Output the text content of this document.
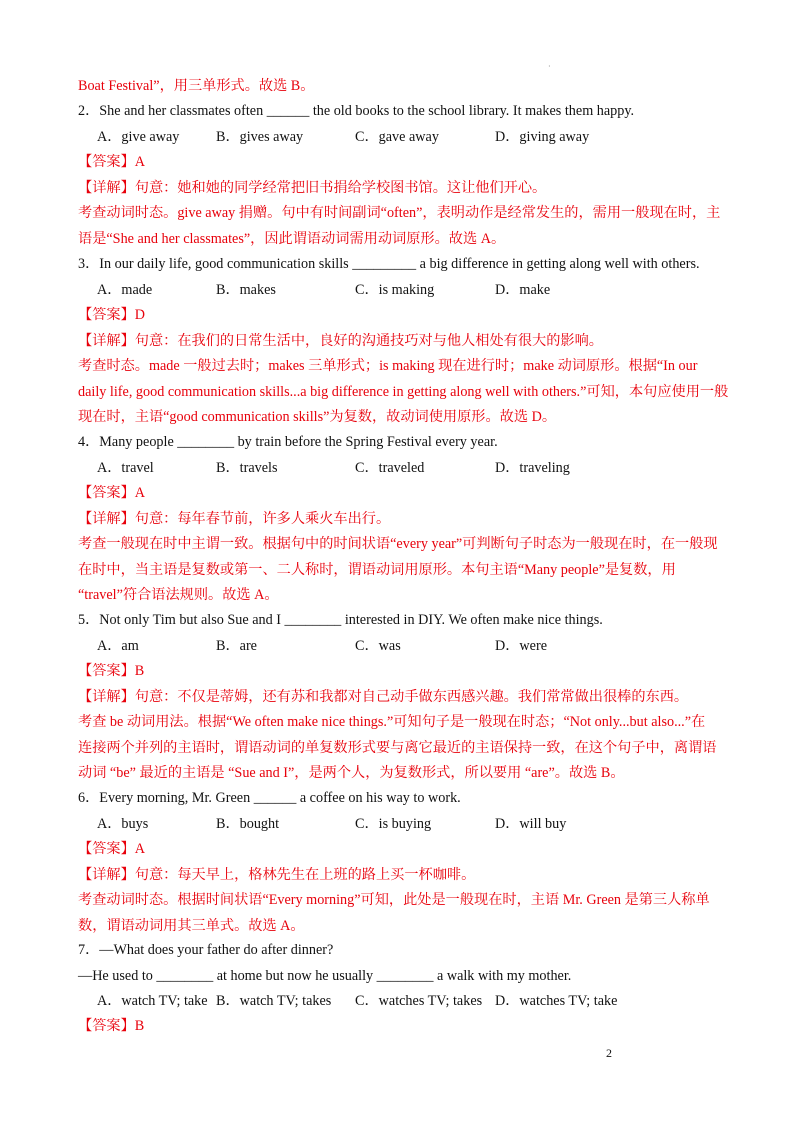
·
Boat Festival”，用三单形式。故选 B。
2．She and her classmates often ______ the old books to the school library. It makes them happy.
A．give away	B．gives away	C．gave away	D．giving away
【答案】A
【详解】句意：她和她的同学经常把旧书捐给学校图书馆。这让他们开心。
考查动词时态。give away 捐赠。句中有时间副词“often”，表明动作是经常发生的，需用一般现在时，主
语是“She and her classmates”，因此谓语动词需用动词原形。故选 A。
3．In our daily life, good communication skills _________ a big difference in getting along well with others.
A．made	B．makes	C．is making	D．make
【答案】D
【详解】句意：在我们的日常生活中，良好的沟通技巧对与他人相处有很大的影响。
考查时态。made 一般过去时；makes 三单形式；is making 现在进行时；make 动词原形。根据“In our
daily life, good communication skills...a big difference in getting along well with others.”可知，本句应使用一般
现在时，主语“good communication skills”为复数，故动词使用原形。故选 D。
4．Many people ________ by train before the Spring Festival every year.
A．travel	B．travels	C．traveled	D．traveling
【答案】A
【详解】句意：每年春节前，许多人乘火车出行。
考查一般现在时中主谓一致。根据句中的时间状语“every year”可判断句子时态为一般现在时，在一般现
在时中，当主语是复数或第一、二人称时，谓语动词用原形。本句主语“Many people”是复数，用
“travel”符合语法规则。故选 A。
5．Not only Tim but also Sue and I ________ interested in DIY. We often make nice things.
A．am	B．are	C．was	D．were
【答案】B
【详解】句意：不仅是蒂姆，还有苏和我都对自己动手做东西感兴趣。我们常常做出很棒的东西。
考查 be 动词用法。根据“We often make nice things.”可知句子是一般现在时态；“Not only...but also...”在
连接两个并列的主语时，谓语动词的单复数形式要与离它最近的主语保持一致，在这个句子中，离谓语
动词 “be” 最近的主语是 “Sue and I”，是两个人，为复数形式，所以要用 “are”。故选 B。
6．Every morning, Mr. Green ______ a coffee on his way to work.
A．buys	B．bought	C．is buying	D．will buy
【答案】A
【详解】句意：每天早上，格林先生在上班的路上买一杯咖啡。
考查动词时态。根据时间状语“Every morning”可知，此处是一般现在时，主语 Mr. Green 是第三人称单
数，谓语动词用其三单式。故选 A。
7．—What does your father do after dinner?
—He used to ________ at home but now he usually ________ a walk with my mother.
A．watch TV; take B．watch TV; takes C．watches TV; takes D．watches TV; take
【答案】B
2
